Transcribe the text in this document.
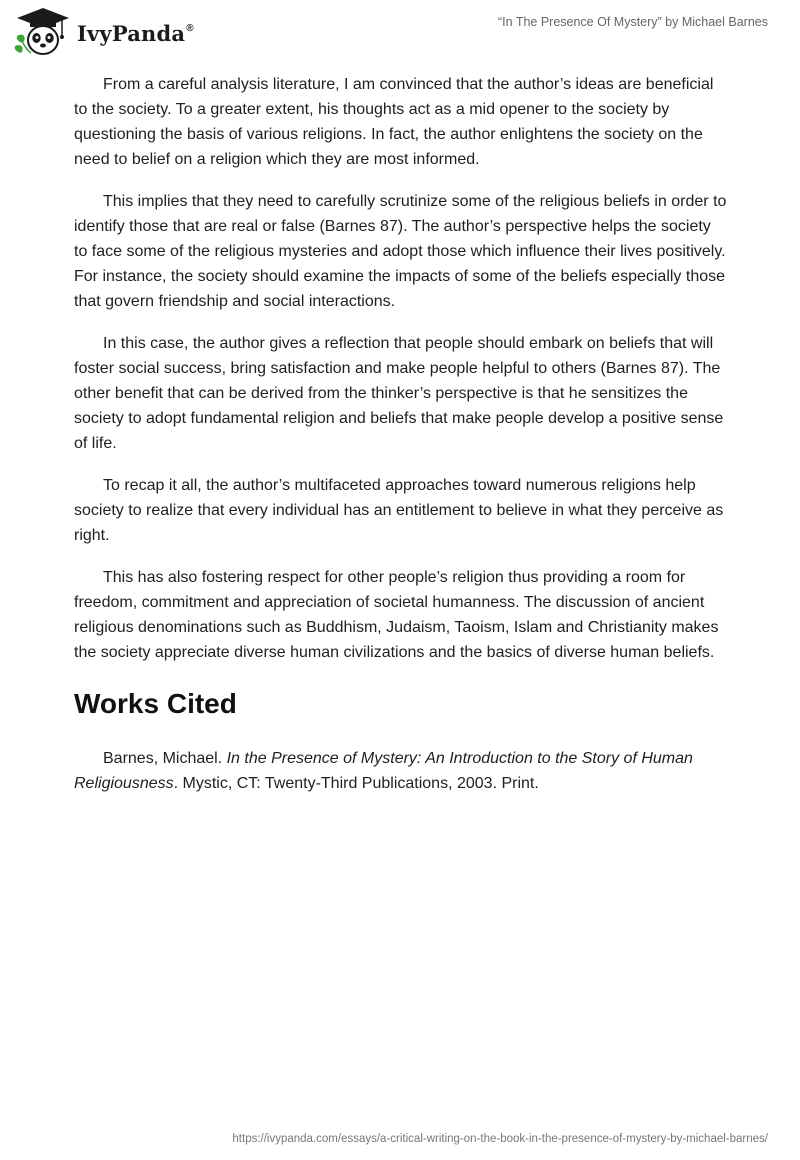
IvyPanda®	“In The Presence Of Mystery” by Michael Barnes

From a careful analysis literature, I am convinced that the author’s ideas are beneficial to the society. To a greater extent, his thoughts act as a mid opener to the society by questioning the basis of various religions. In fact, the author enlightens the society on the need to belief on a religion which they are most informed.

This implies that they need to carefully scrutinize some of the religious beliefs in order to identify those that are real or false (Barnes 87). The author’s perspective helps the society to face some of the religious mysteries and adopt those which influence their lives positively. For instance, the society should examine the impacts of some of the beliefs especially those that govern friendship and social interactions.

In this case, the author gives a reflection that people should embark on beliefs that will foster social success, bring satisfaction and make people helpful to others (Barnes 87). The other benefit that can be derived from the thinker’s perspective is that he sensitizes the society to adopt fundamental religion and beliefs that make people develop a positive sense of life.

To recap it all, the author’s multifaceted approaches toward numerous religions help society to realize that every individual has an entitlement to believe in what they perceive as right.

This has also fostering respect for other people’s religion thus providing a room for freedom, commitment and appreciation of societal humanness. The discussion of ancient religious denominations such as Buddhism, Judaism, Taoism, Islam and Christianity makes the society appreciate diverse human civilizations and the basics of diverse human beliefs.

Works Cited

Barnes, Michael. In the Presence of Mystery: An Introduction to the Story of Human Religiousness. Mystic, CT: Twenty-Third Publications, 2003. Print.

https://ivypanda.com/essays/a-critical-writing-on-the-book-in-the-presence-of-mystery-by-michael-barnes/
